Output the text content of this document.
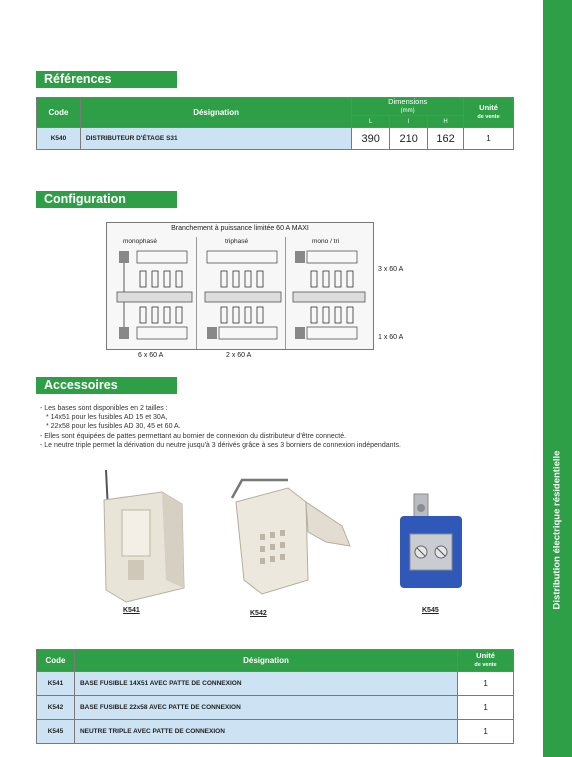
Distribution électrique résidentielle
Références
Code	Désignation	Dimensions
(mm)			Unité
de vente
		L	l	H	
K540	DISTRIBUTEUR D'ÉTAGE S31	390	210	162	1
Configuration
Branchement à puissance limitée 60 A MAXI
monophasé	triphasé	mono / tri
3 x 60 A
1 x 60 A
6 x 60 A	2 x 60 A
Accessoires
- Les bases sont disponibles en 2 tailles :
* 14x51 pour les fusibles AD 15 et 30A,
* 22x58 pour les fusibles AD 30, 45 et 60 A.
- Elles sont équipées de pattes permettant au bornier de connexion du distributeur d'être connecté.
- Le neutre triple permet la dérivation du neutre jusqu'à 3 dérivés grâce à ses 3 borniers de connexion indépendants.
K541	K542	K545
Code	Désignation	Unité
de vente
K541	BASE FUSIBLE 14X51 AVEC PATTE DE CONNEXION	1
K542	BASE FUSIBLE 22x58 AVEC PATTE DE CONNEXION	1
K545	NEUTRE TRIPLE AVEC PATTE DE CONNEXION	1
